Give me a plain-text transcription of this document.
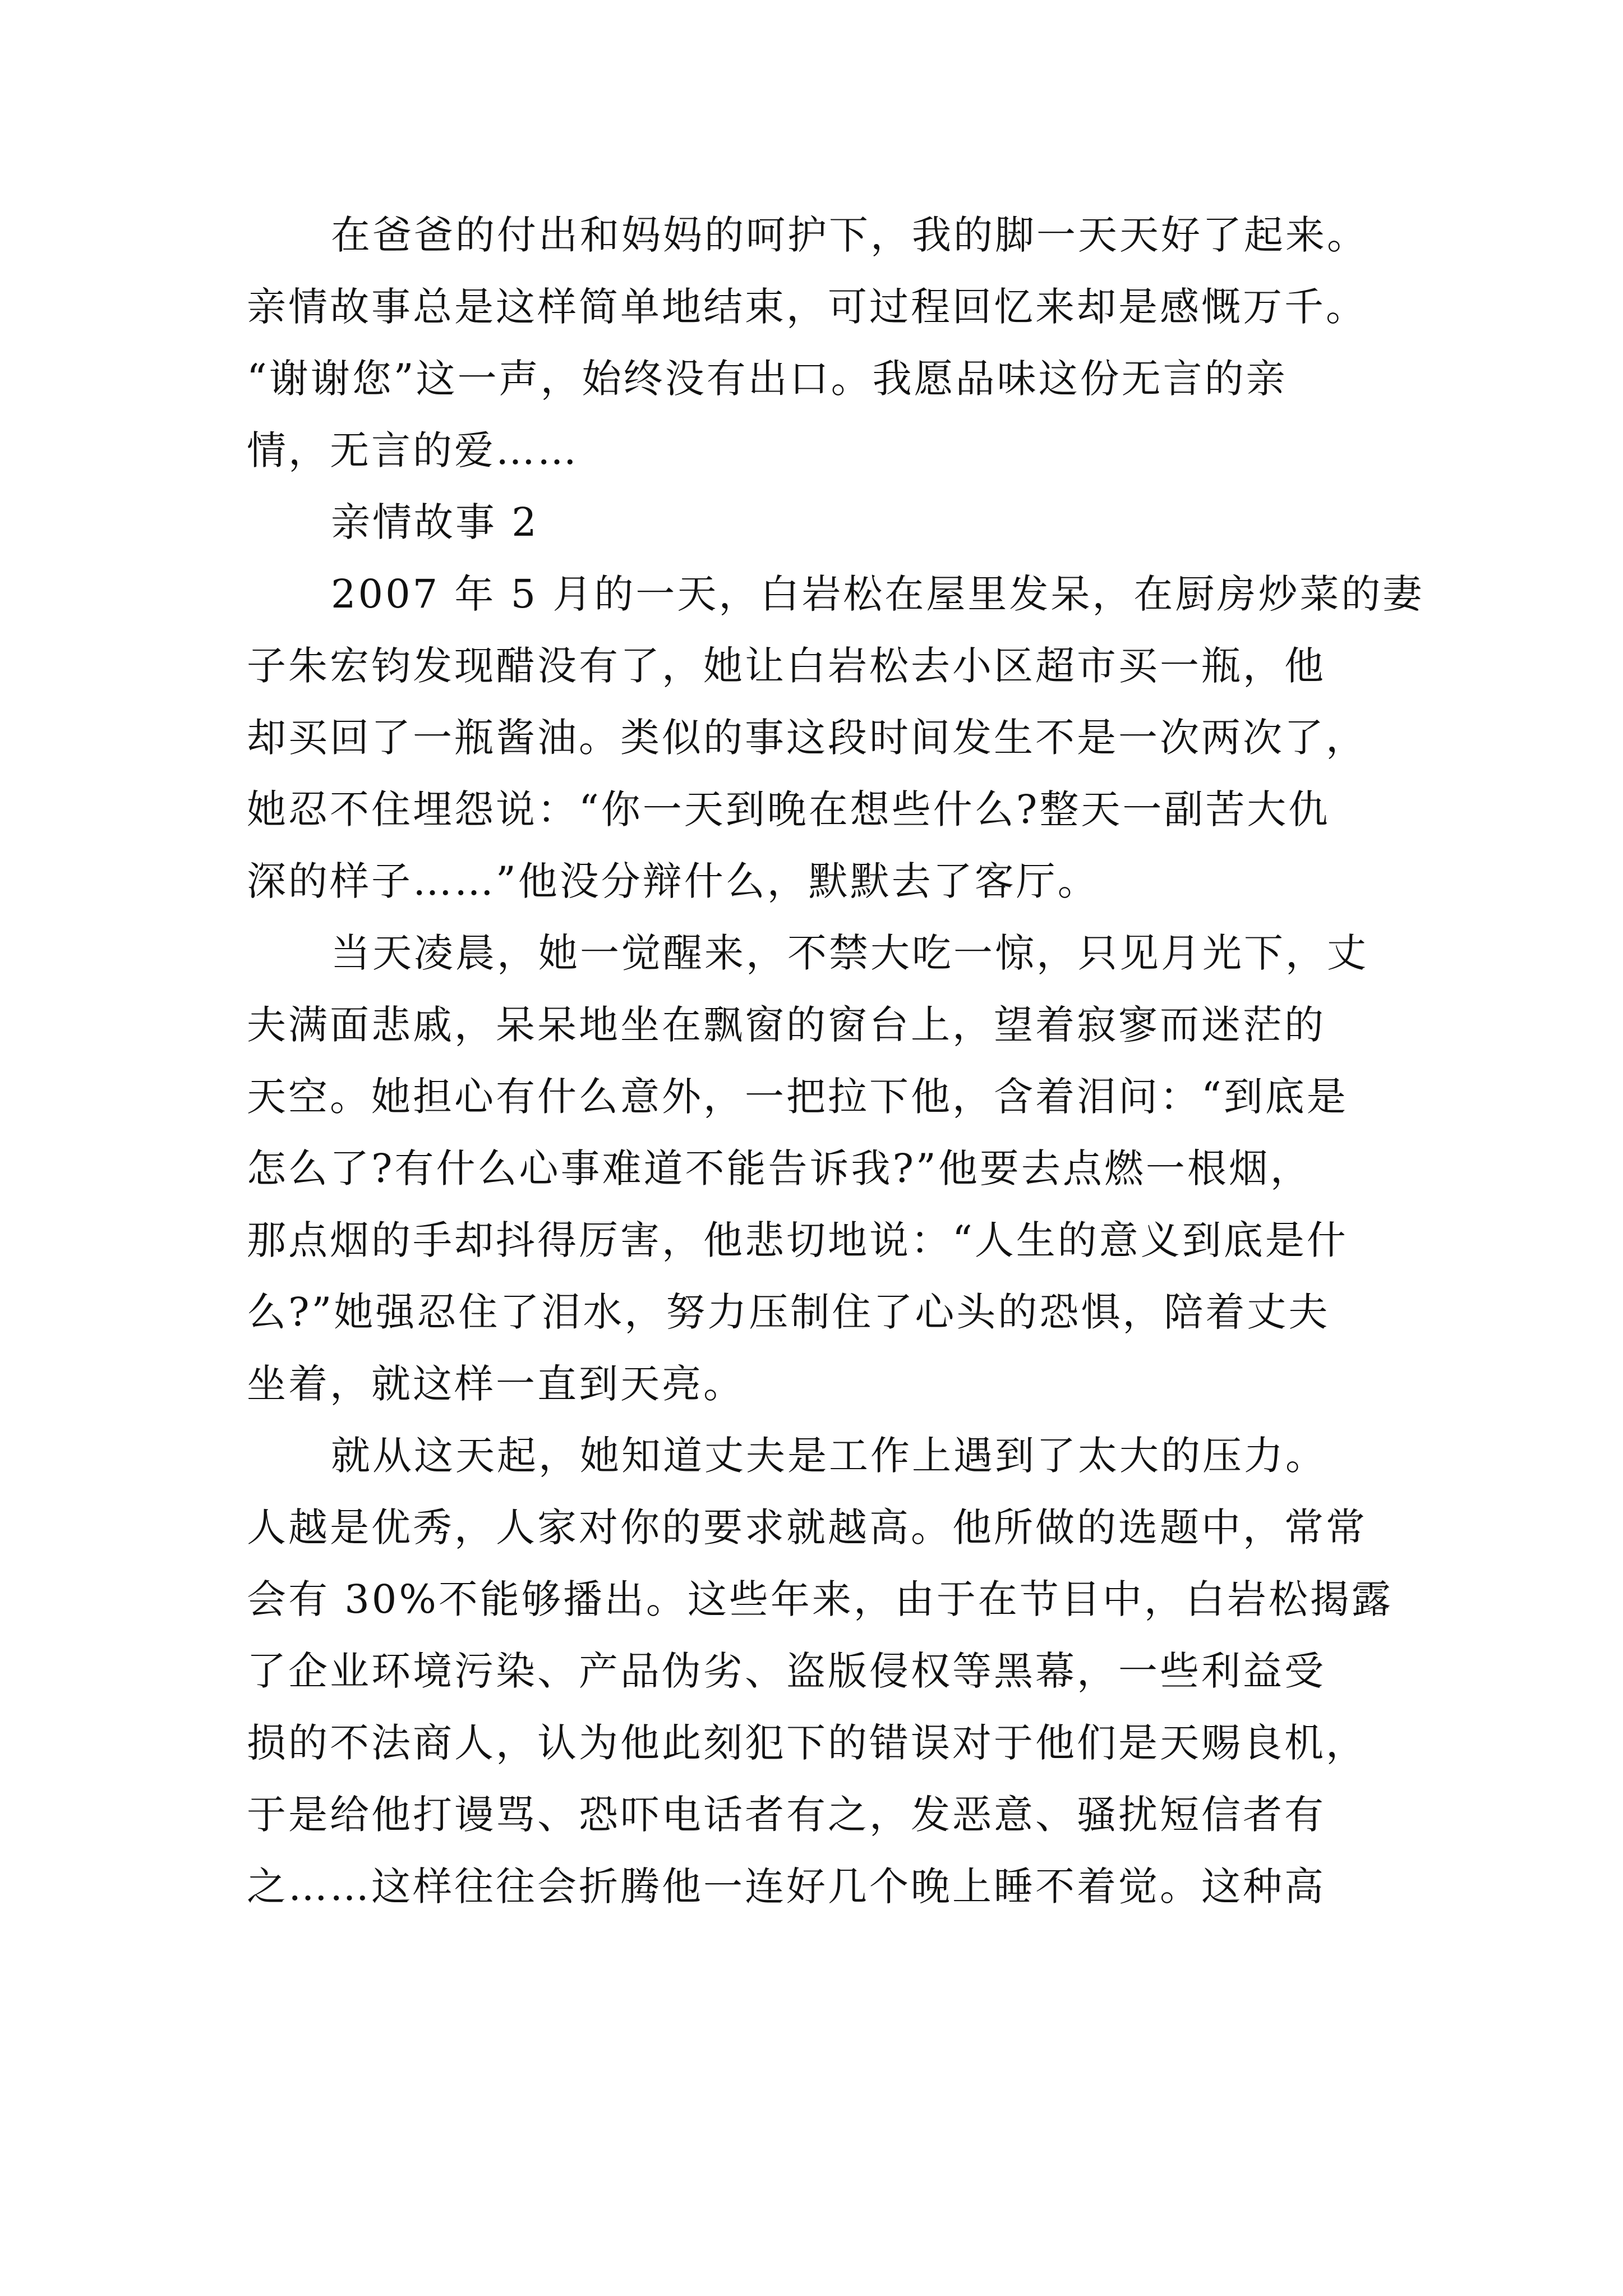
在爸爸的付出和妈妈的呵护下，我的脚一天天好了起来。
亲情故事总是这样简单地结束，可过程回忆来却是感慨万千。
“谢谢您”这一声，始终没有出口。我愿品味这份无言的亲
情，无言的爱……
亲情故事 2
2007 年 5 月的一天，白岩松在屋里发呆，在厨房炒菜的妻
子朱宏钧发现醋没有了，她让白岩松去小区超市买一瓶，他
却买回了一瓶酱油。类似的事这段时间发生不是一次两次了，
她忍不住埋怨说：“你一天到晚在想些什么?整天一副苦大仇
深的样子……”他没分辩什么，默默去了客厅。
当天凌晨，她一觉醒来，不禁大吃一惊，只见月光下，丈
夫满面悲戚，呆呆地坐在飘窗的窗台上，望着寂寥而迷茫的
天空。她担心有什么意外，一把拉下他，含着泪问：“到底是
怎么了?有什么心事难道不能告诉我?”他要去点燃一根烟，
那点烟的手却抖得厉害，他悲切地说：“人生的意义到底是什
么?”她强忍住了泪水，努力压制住了心头的恐惧，陪着丈夫
坐着，就这样一直到天亮。
就从这天起，她知道丈夫是工作上遇到了太大的压力。
人越是优秀，人家对你的要求就越高。他所做的选题中，常常
会有 30%不能够播出。这些年来，由于在节目中，白岩松揭露
了企业环境污染、产品伪劣、盗版侵权等黑幕，一些利益受
损的不法商人，认为他此刻犯下的错误对于他们是天赐良机，
于是给他打谩骂、恐吓电话者有之，发恶意、骚扰短信者有
之……这样往往会折腾他一连好几个晚上睡不着觉。这种高
